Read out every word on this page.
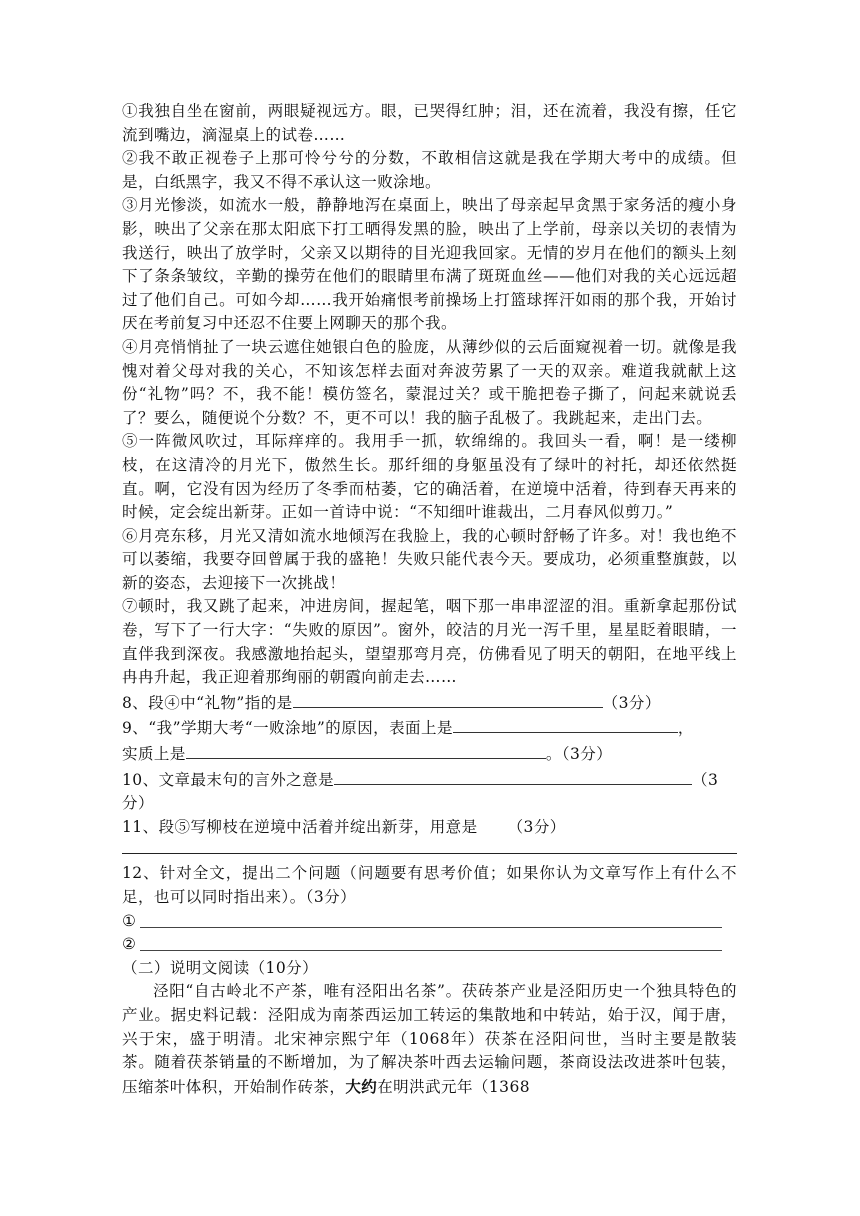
①我独自坐在窗前，两眼疑视远方。眼，已哭得红肿；泪，还在流着，我没有擦，任它流到嘴边，滴湿桌上的试卷……

②我不敢正视卷子上那可怜兮兮的分数，不敢相信这就是我在学期大考中的成绩。但是，白纸黑字，我又不得不承认这一败涂地。

③月光惨淡，如流水一般，静静地泻在桌面上，映出了母亲起早贪黑于家务活的瘦小身影，映出了父亲在那太阳底下打工晒得发黑的脸，映出了上学前，母亲以关切的表情为我送行，映出了放学时，父亲又以期待的目光迎我回家。无情的岁月在他们的额头上刻下了条条皱纹，辛勤的操劳在他们的眼睛里布满了斑斑血丝——他们对我的关心远远超过了他们自己。可如今却……我开始痛恨考前操场上打篮球挥汗如雨的那个我，开始讨厌在考前复习中还忍不住要上网聊天的那个我。

④月亮悄悄扯了一块云遮住她银白色的脸庞，从薄纱似的云后面窥视着一切。就像是我愧对着父母对我的关心，不知该怎样去面对奔波劳累了一天的双亲。难道我就献上这份“礼物”吗？不，我不能！模仿签名，蒙混过关？或干脆把卷子撕了，问起来就说丢了？要么，随便说个分数？不，更不可以！我的脑子乱极了。我跳起来，走出门去。

⑤一阵微风吹过，耳际痒痒的。我用手一抓，软绵绵的。我回头一看，啊！是一缕柳枝，在这清冷的月光下，傲然生长。那纤细的身躯虽没有了绿叶的衬托，却还依然挺直。啊，它没有因为经历了冬季而枯萎，它的确活着，在逆境中活着，待到春天再来的时候，定会绽出新芽。正如一首诗中说：“不知细叶谁裁出，二月春风似剪刀。”

⑥月亮东移，月光又清如流水地倾泻在我脸上，我的心顿时舒畅了许多。对！我也绝不可以萎缩，我要夺回曾属于我的盛艳！失败只能代表今天。要成功，必须重整旗鼓，以新的姿态，去迎接下一次挑战！

⑦顿时，我又跳了起来，冲进房间，握起笔，咽下那一串串涩涩的泪。重新拿起那份试卷，写下了一行大字：“失败的原因”。窗外，皎洁的月光一泻千里，星星眨着眼睛，一直伴我到深夜。我感激地抬起头，望望那弯月亮，仿佛看见了明天的朝阳，在地平线上冉冉升起，我正迎着那绚丽的朝霞向前走去……

8、段④中“礼物”指的是	（3分）

9、“我”学期大考“一败涂地”的原因，表面上是	，

实质上是	。（3分）

10、文章最末句的言外之意是	（3

分）

11、段⑤写柳枝在逆境中活着并绽出新芽，用意是 （3分）

12、针对全文，提出二个问题（问题要有思考价值；如果你认为文章写作上有什么不足，也可以同时指出来）。（3分）

①
②

（二）说明文阅读（10分）

泾阳“自古岭北不产茶，唯有泾阳出名茶”。茯砖茶产业是泾阳历史一个独具特色的产业。据史料记载：泾阳成为南茶西运加工转运的集散地和中转站，始于汉，闻于唐，兴于宋，盛于明清。北宋神宗熙宁年（1068年）茯茶在泾阳问世，当时主要是散装茶。随着茯茶销量的不断增加，为了解决茶叶西去运输问题，茶商设法改进茶叶包装，压缩茶叶体积，开始制作砖茶，大约在明洪武元年（1368
